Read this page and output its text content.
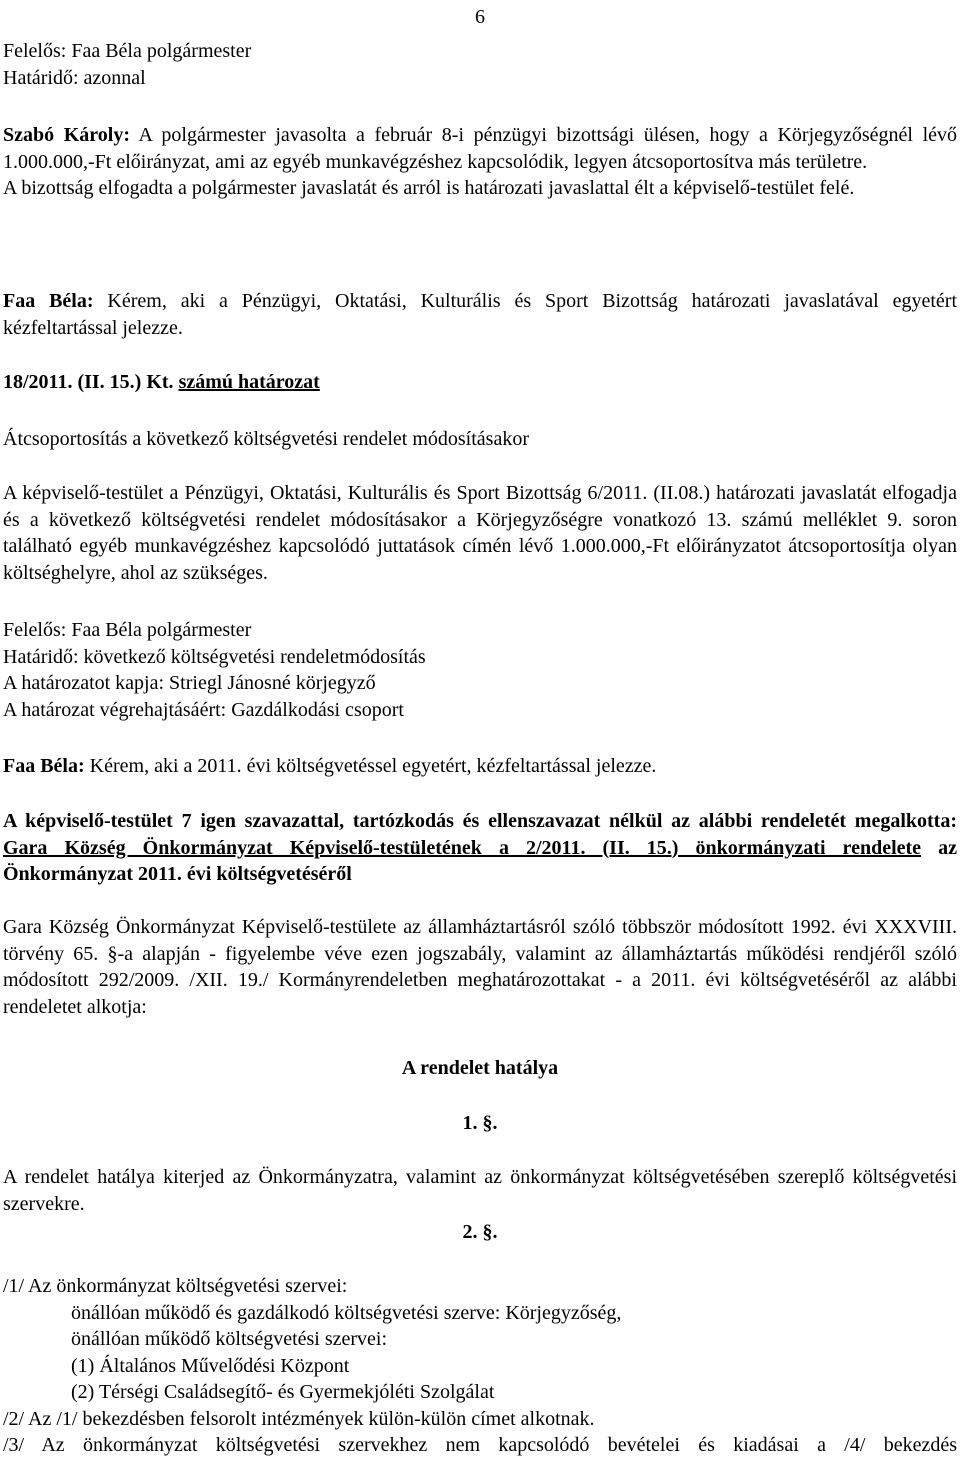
6

Felelős: Faa Béla polgármester

Határidő: azonnal

Szabó Károly: A polgármester javasolta a február 8-i pénzügyi bizottsági ülésen, hogy a Körjegyzőségnél lévő 1.000.000,-Ft előirányzat, ami az egyéb munkavégzéshez kapcsolódik, legyen átcsoportosítva más területre.

A bizottság elfogadta a polgármester javaslatát és arról is határozati javaslattal élt a képviselő-testület felé.

Faa Béla: Kérem, aki a Pénzügyi, Oktatási, Kulturális és Sport Bizottság határozati javaslatával egyetért kézfeltartással jelezze.

18/2011. (II. 15.) Kt. számú határozat

Átcsoportosítás a következő költségvetési rendelet módosításakor

A képviselő-testület a Pénzügyi, Oktatási, Kulturális és Sport Bizottság 6/2011. (II.08.) határozati javaslatát elfogadja és a következő költségvetési rendelet módosításakor a Körjegyzőségre vonatkozó 13. számú melléklet 9. soron található egyéb munkavégzéshez kapcsolódó juttatások címén lévő 1.000.000,-Ft előirányzatot átcsoportosítja olyan költséghelyre, ahol az szükséges.

Felelős: Faa Béla polgármester

Határidő: következő költségvetési rendeletmódosítás

A határozatot kapja: Striegl Jánosné körjegyző

A határozat végrehajtásáért: Gazdálkodási csoport

Faa Béla: Kérem, aki a 2011. évi költségvetéssel egyetért, kézfeltartással jelezze.

A képviselő-testület 7 igen szavazattal, tartózkodás és ellenszavazat nélkül az alábbi rendeletét megalkotta: Gara Község Önkormányzat Képviselő-testületének a 2/2011. (II. 15.) önkormányzati rendelete az Önkormányzat 2011. évi költségvetéséről

Gara Község Önkormányzat Képviselő-testülete az államháztartásról szóló többször módosított 1992. évi XXXVIII. törvény 65. §-a alapján - figyelembe véve ezen jogszabály, valamint az államháztartás működési rendjéről szóló módosított 292/2009. /XII. 19./ Kormányrendeletben meghatározottakat - a 2011. évi költségvetéséről az alábbi rendeletet alkotja:

A rendelet hatálya

1. §.

A rendelet hatálya kiterjed az Önkormányzatra, valamint az önkormányzat költségvetésében szereplő költségvetési szervekre.

2. §.

/1/ Az önkormányzat költségvetési szervei:

önállóan működő és gazdálkodó költségvetési szerve: Körjegyzőség,

önállóan működő költségvetési szervei:

(1) Általános Művelődési Központ

(2) Térségi Családsegítő- és Gyermekjóléti Szolgálat

/2/ Az /1/ bekezdésben felsorolt intézmények külön-külön címet alkotnak.

/3/ Az önkormányzat költségvetési szervekhez nem kapcsolódó bevételei és kiadásai a /4/ bekezdés
